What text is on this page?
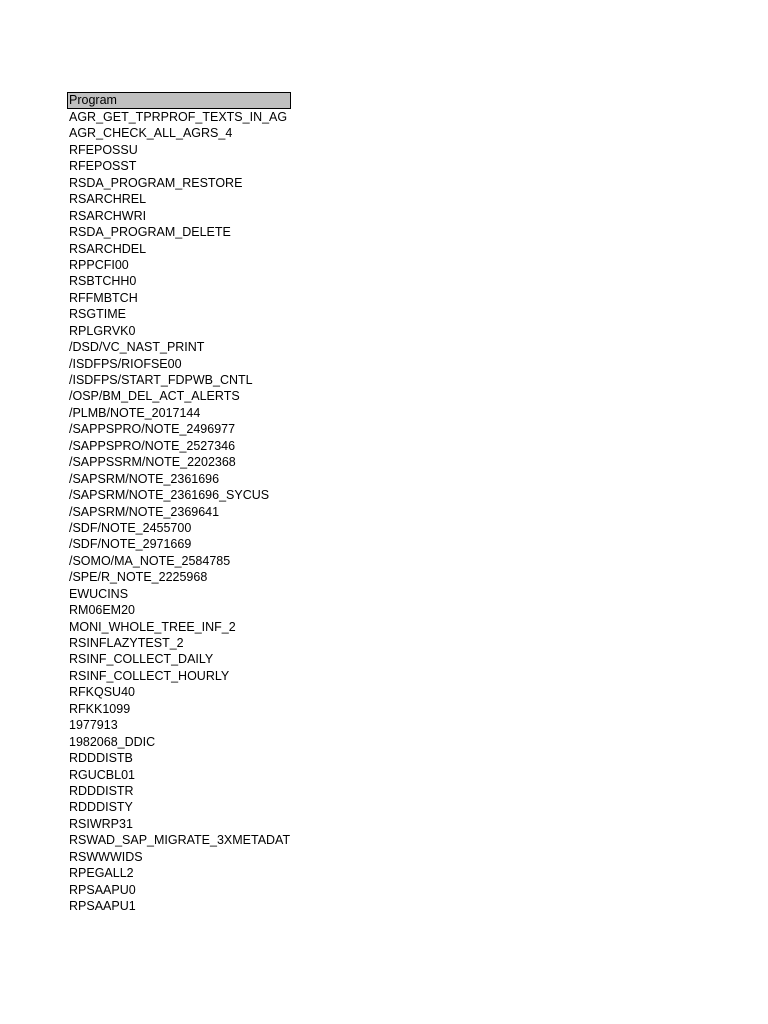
Program
AGR_GET_TPRPROF_TEXTS_IN_AG
AGR_CHECK_ALL_AGRS_4
RFEPOSSU
RFEPOSST
RSDA_PROGRAM_RESTORE
RSARCHREL
RSARCHWRI
RSDA_PROGRAM_DELETE
RSARCHDEL
RPPCFI00
RSBTCHH0
RFFMBTCH
RSGTIME
RPLGRVK0
/DSD/VC_NAST_PRINT
/ISDFPS/RIOFSE00
/ISDFPS/START_FDPWB_CNTL
/OSP/BM_DEL_ACT_ALERTS
/PLMB/NOTE_2017144
/SAPPSPRO/NOTE_2496977
/SAPPSPRO/NOTE_2527346
/SAPPSSRM/NOTE_2202368
/SAPSRM/NOTE_2361696
/SAPSRM/NOTE_2361696_SYCUS
/SAPSRM/NOTE_2369641
/SDF/NOTE_2455700
/SDF/NOTE_2971669
/SOMO/MA_NOTE_2584785
/SPE/R_NOTE_2225968
EWUCINS
RM06EM20
MONI_WHOLE_TREE_INF_2
RSINFLAZYTEST_2
RSINF_COLLECT_DAILY
RSINF_COLLECT_HOURLY
RFKQSU40
RFKK1099
1977913
1982068_DDIC
RDDDISTB
RGUCBL01
RDDDISTR
RDDDISTY
RSIWRP31
RSWAD_SAP_MIGRATE_3XMETADAT
RSWWWIDS
RPEGALL2
RPSAAPU0
RPSAAPU1
